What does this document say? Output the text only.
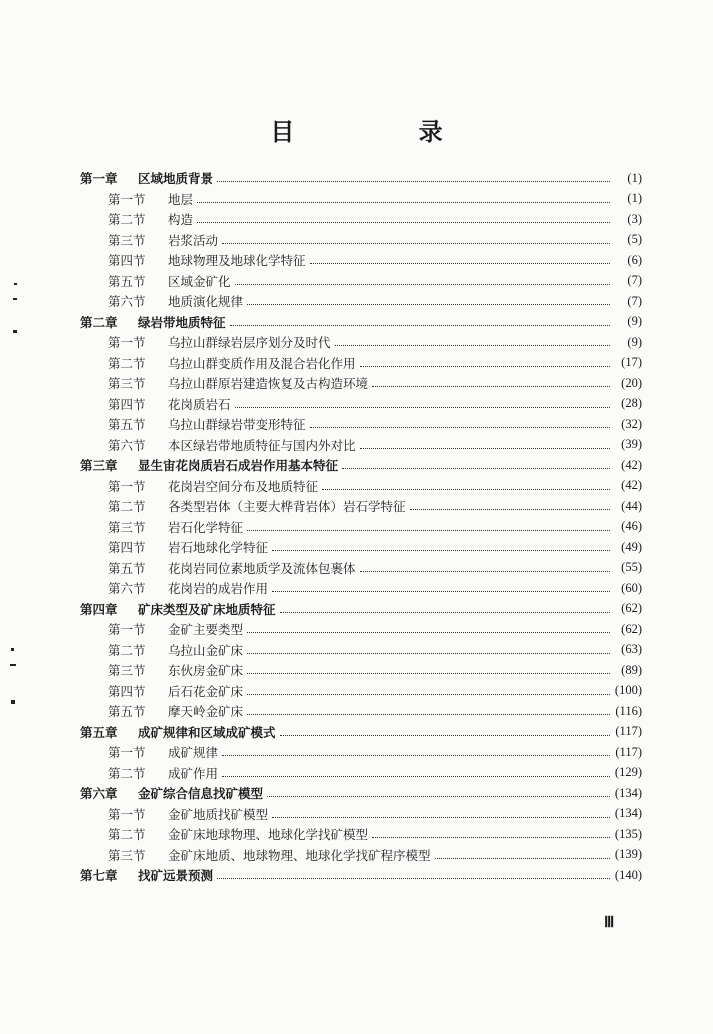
目 录
第一章	区域地质背景	(1)
第一节	地层	(1)
第二节	构造	(3)
第三节	岩浆活动	(5)
第四节	地球物理及地球化学特征	(6)
第五节	区域金矿化	(7)
第六节	地质演化规律	(7)
第二章	绿岩带地质特征	(9)
第一节	乌拉山群绿岩层序划分及时代	(9)
第二节	乌拉山群变质作用及混合岩化作用	(17)
第三节	乌拉山群原岩建造恢复及古构造环境	(20)
第四节	花岗质岩石	(28)
第五节	乌拉山群绿岩带变形特征	(32)
第六节	本区绿岩带地质特征与国内外对比	(39)
第三章	显生宙花岗质岩石成岩作用基本特征	(42)
第一节	花岗岩空间分布及地质特征	(42)
第二节	各类型岩体（主要大桦背岩体）岩石学特征	(44)
第三节	岩石化学特征	(46)
第四节	岩石地球化学特征	(49)
第五节	花岗岩同位素地质学及流体包裹体	(55)
第六节	花岗岩的成岩作用	(60)
第四章	矿床类型及矿床地质特征	(62)
第一节	金矿主要类型	(62)
第二节	乌拉山金矿床	(63)
第三节	东伙房金矿床	(89)
第四节	后石花金矿床	(100)
第五节	摩天岭金矿床	(116)
第五章	成矿规律和区域成矿模式	(117)
第一节	成矿规律	(117)
第二节	成矿作用	(129)
第六章	金矿综合信息找矿模型	(134)
第一节	金矿地质找矿模型	(134)
第二节	金矿床地球物理、地球化学找矿模型	(135)
第三节	金矿床地质、地球物理、地球化学找矿程序模型	(139)
第七章	找矿远景预测	(140)
Ⅲ
